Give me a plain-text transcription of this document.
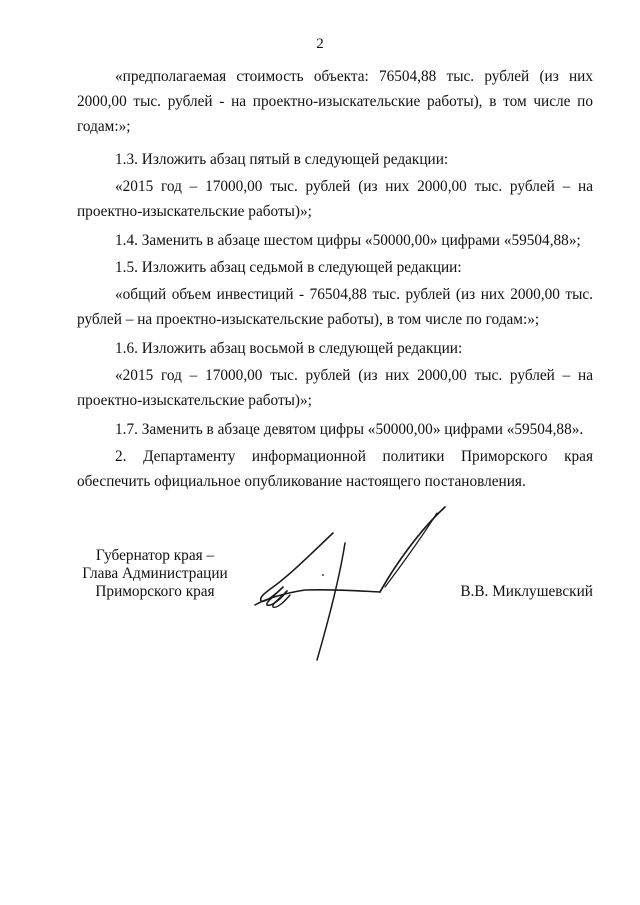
2

«предполагаемая стоимость объекта: 76504,88 тыс. рублей (из них 2000,00 тыс. рублей - на проектно-изыскательские работы), в том числе по годам:»;

1.3. Изложить абзац пятый в следующей редакции:

«2015 год – 17000,00 тыс. рублей (из них 2000,00 тыс. рублей – на проектно-изыскательские работы)»;

1.4. Заменить в абзаце шестом цифры «50000,00» цифрами «59504,88»;

1.5. Изложить абзац седьмой в следующей редакции:

«общий объем инвестиций - 76504,88 тыс. рублей (из них 2000,00 тыс. рублей – на проектно-изыскательские работы), в том числе по годам:»;

1.6. Изложить абзац восьмой в следующей редакции:

«2015 год – 17000,00 тыс. рублей (из них 2000,00 тыс. рублей – на проектно-изыскательские работы)»;

1.7. Заменить в абзаце девятом цифры «50000,00» цифрами «59504,88».

2. Департаменту информационной политики Приморского края обеспечить официальное опубликование настоящего постановления.

Губернатор края –
Глава Администрации
Приморского края	В.В. Миклушевский
